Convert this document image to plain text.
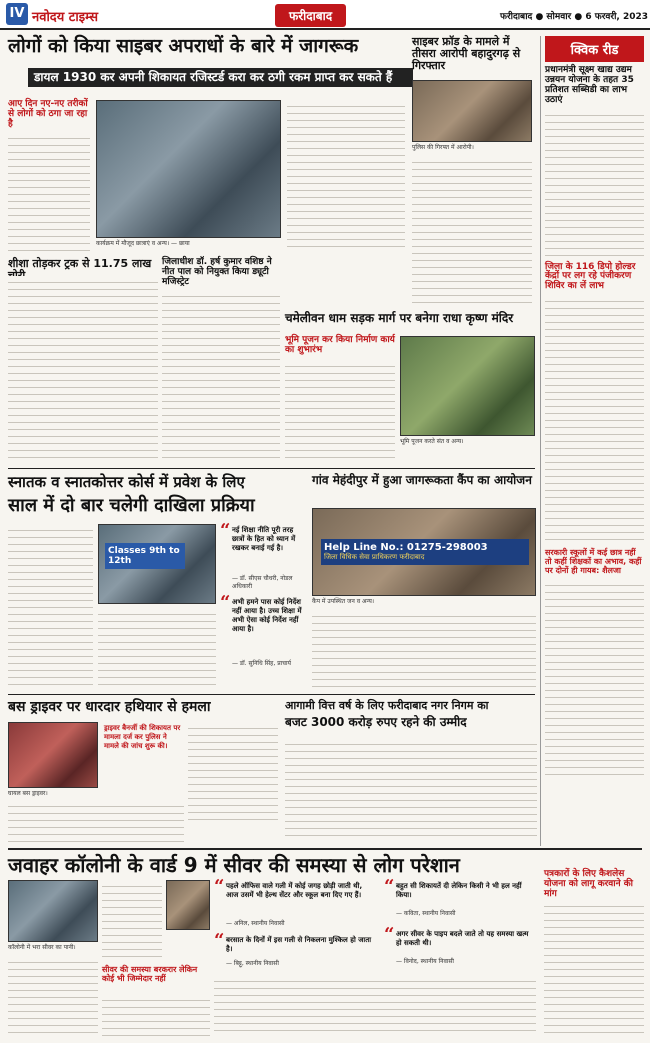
IV नवोदय टाइम्स	फरीदाबाद	फरीदाबाद ● सोमवार ● 6 फरवरी, 2023
लोगों को किया साइबर अपराधों के बारे में जागरूक
डायल 1930 कर अपनी शिकायत रजिस्टर्ड करा कर ठगी रकम प्राप्त कर सकते हैं
आए दिन नए-नए तरीकों से लोगों को ठगा जा रहा है
कार्यक्रम में मौजूद छात्राएं व अन्य। — छाया
साइबर फ्रॉड के मामले में तीसरा आरोपी बहादुरगढ़ से गिरफ्तार
पुलिस की गिरफ्त में आरोपी।
शीशा तोड़कर ट्रक से 11.75 लाख	जिलाधीश डॉ. हर्ष कुमार वशिष्ठ ने नीत पाल को नियुक्त किया ड्यूटी मजिस्ट्रेट
चमेलीवन धाम सड़क मार्ग पर बनेगा राधा कृष्ण मंदिर
भूमि पूजन कर किया निर्माण कार्य का शुभारंभ
भूमि पूजन करते संत व अन्य।
स्नातक व स्नातकोत्तर कोर्स में प्रवेश के लिए
साल में दो बार चलेगी दाखिला प्रक्रिया
Classes 9th to 12th
“ नई शिक्षा नीति पूरी तरह छात्रों के हित को ध्यान में रखकर बनाई गई है।
— डॉ. सीएस चौधरी, नोडल अधिकारी
“ अभी हमने पास कोई निर्देश नहीं आया है। उच्च शिक्षा में अभी ऐसा कोई निर्देश नहीं आया है।
— डॉ. सुनिधि सिंह, प्राचार्य
गांव मेहंदीपुर में हुआ जागरूकता कैंप का आयोजन
Help Line No.: 01275-298003
जिला विधिक सेवा प्राधिकरण फरीदाबाद
कैंप में उपस्थित जन व अन्य।
बस ड्राइवर पर धारदार हथियार से हमला
घायल बस ड्राइवर।
ड्राइवर बैनर्जी की शिकायत पर मामला दर्ज कर पुलिस ने मामले की जांच शुरू की।
आगामी वित्त वर्ष के लिए फरीदाबाद नगर निगम का
बजट 3000 करोड़ रुपए रहने की उम्मीद
जवाहर कॉलोनी के वार्ड 9 में सीवर की समस्या से लोग परेशान
कॉलोनी में भरा सीवर का पानी।
सीवर की समस्या बरकरार लेकिन कोई भी जिम्मेदार नहीं
“ पहले ऑफिस वाले गली में कोई जगह छोड़ी जाती थी, आज उसमें भी हेल्थ सेंटर और स्कूल बना दिए गए हैं।
— अनिल, स्थानीय निवासी
“ बरसात के दिनों में इस गली से निकलना मुश्किल हो जाता है।
— बिट्टू, स्थानीय निवासी
“ बहुत सी शिकायतें दी लेकिन किसी ने भी हल नहीं किया।
— कविता, स्थानीय निवासी
“ अगर सीवर के पाइप बदले जाते तो यह समस्या खत्म हो सकती थी।
— विनोद, स्थानीय निवासी
क्विक रीड
प्रधानमंत्री सूक्ष्म खाद्य उद्यम उन्नयन योजना के तहत 35 प्रतिशत सब्सिडी का लाभ उठाएं
जिला के 116 डिपो होल्डर केंद्रों पर लग रहे पंजीकरण शिविर का लें लाभ
सरकारी स्कूलों में कई छात्र नहीं तो कहीं शिक्षकों का अभाव, कहीं पर दोनों ही गायब: शैलजा
पत्रकारों के लिए कैशलेस योजना को लागू करवाने की मांग
